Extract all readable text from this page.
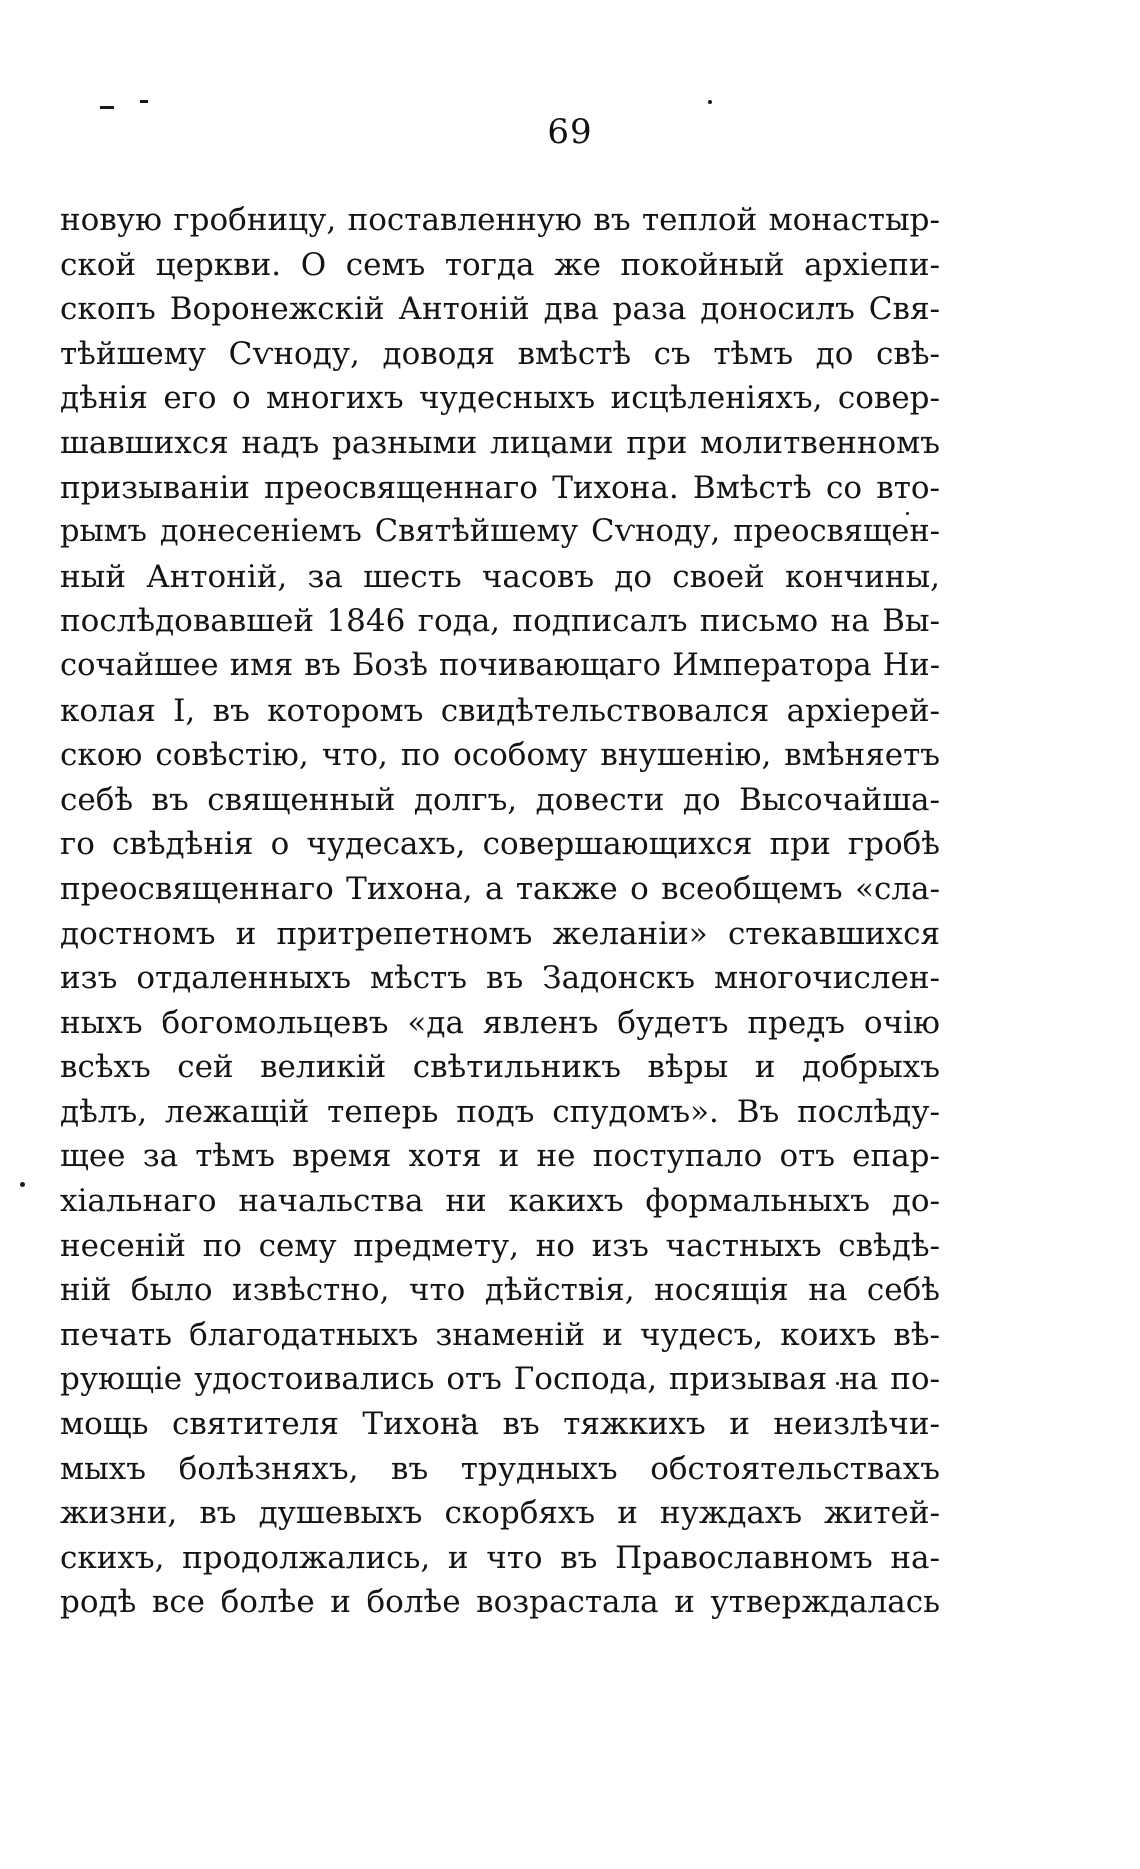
69
новую гробницу, поставленную въ теплой монастыр-
ской церкви. О семъ тогда же покойный архіепи-
скопъ Воронежскій Антоній два раза доносилъ Свя-
тѣйшему Сѵноду, доводя вмѣстѣ съ тѣмъ до свѣ-
дѣнія его о многихъ чудесныхъ исцѣленіяхъ, совер-
шавшихся надъ разными лицами при молитвенномъ
призываніи преосвященнаго Тихона. Вмѣстѣ со вто-
рымъ донесеніемъ Святѣйшему Сѵноду, преосвящен-
ный Антоній, за шесть часовъ до своей кончины,
послѣдовавшей 1846 года, подписалъ письмо на Вы-
сочайшее имя въ Бозѣ почивающаго Императора Ни-
колая I, въ которомъ свидѣтельствовался архіерей-
скою совѣстію, что, по особому внушенію, вмѣняетъ
себѣ въ священный долгъ, довести до Высочайша-
го свѣдѣнія о чудесахъ, совершающихся при гробѣ
преосвященнаго Тихона, а также о всеобщемъ «сла-
достномъ и притрепетномъ желаніи» стекавшихся
изъ отдаленныхъ мѣстъ въ Задонскъ многочислен-
ныхъ богомольцевъ «да явленъ будетъ предъ очію
всѣхъ сей великій свѣтильникъ вѣры и добрыхъ
дѣлъ, лежащій теперь подъ спудомъ». Въ послѣду-
щее за тѣмъ время хотя и не поступало отъ епар-
хіальнаго начальства ни какихъ формальныхъ до-
несеній по сему предмету, но изъ частныхъ свѣдѣ-
ній было извѣстно, что дѣйствія, носящія на себѣ
печать благодатныхъ знаменій и чудесъ, коихъ вѣ-
рующіе удостоивались отъ Господа, призывая на по-
мощь святителя Тихона въ тяжкихъ и неизлѣчи-
мыхъ болѣзняхъ, въ трудныхъ обстоятельствахъ
жизни, въ душевыхъ скорбяхъ и нуждахъ житей-
скихъ, продолжались, и что въ Православномъ на-
родѣ все болѣе и болѣе возрастала и утверждалась
